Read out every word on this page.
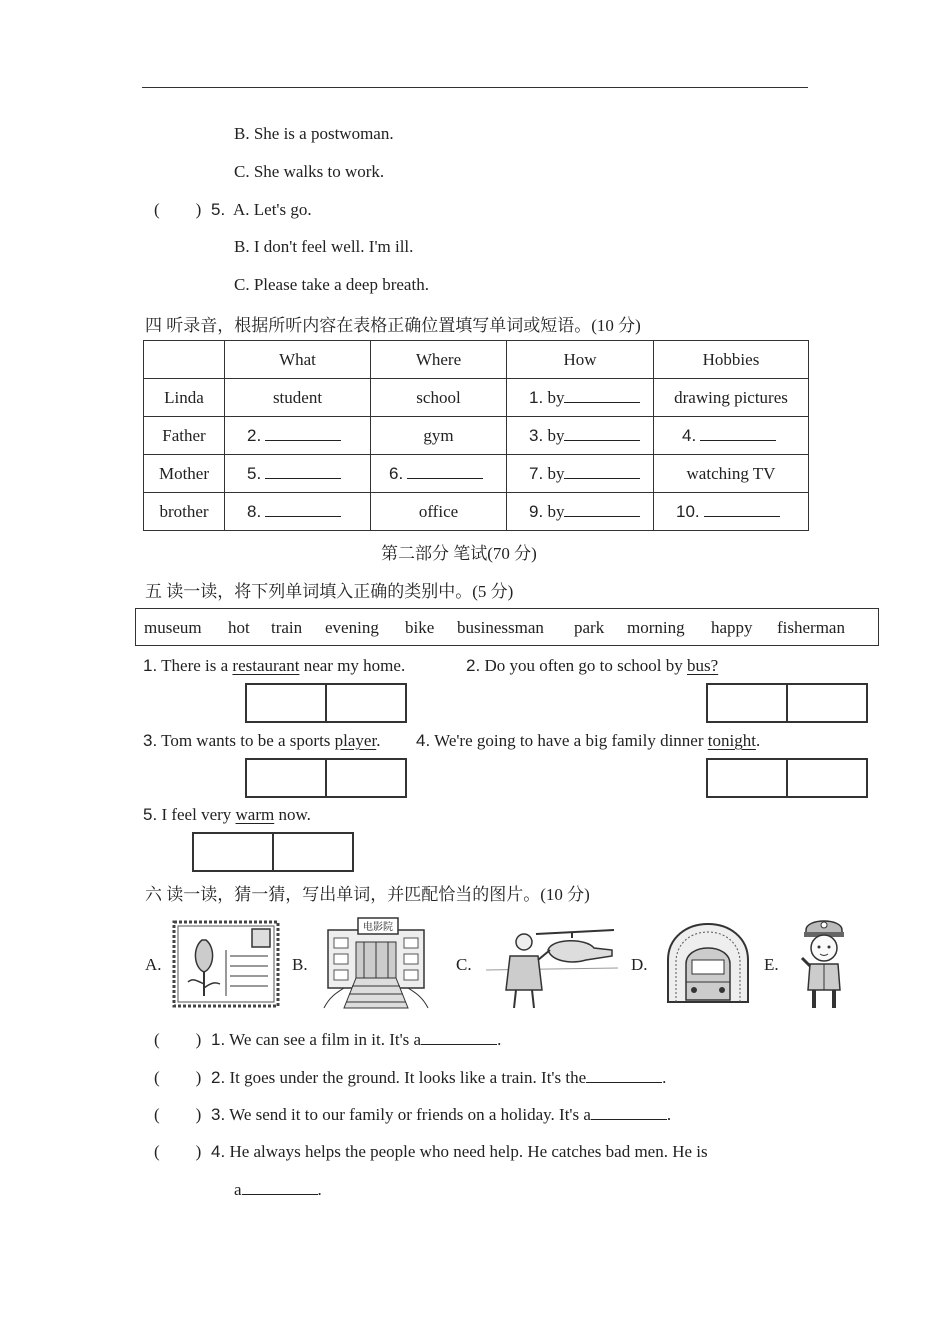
B. She is a postwoman.
C. She walks to work.
( ) 5. A. Let's go.
B. I don't feel well. I'm ill.
C. Please take a deep breath.
四 听录音，根据所听内容在表格正确位置填写单词或短语。(10 分)
	What	Where	How	Hobbies
Linda	student	school	1. by	drawing pictures
Father	2.	gym	3. by	4.
Mother	5.	6.	7. by	watching TV
brother	8.	office	9. by	10.
第二部分 笔试(70 分)
五 读一读，将下列单词填入正确的类别中。(5 分)
museum hot train evening bike businessman park morning happy fisherman
1. There is a restaurant near my home.	2. Do you often go to school by bus?
3. Tom wants to be a sports player. 4. We're going to have a big family dinner tonight.
5. I feel very warm now.
六 读一读，猜一猜，写出单词，并匹配恰当的图片。(10 分)
A.	B.	C.	D.	E.
电影院
( ) 1. We can see a film in it. It's a	.
( ) 2. It goes under the ground. It looks like a train. It's the	.
( ) 3. We send it to our family or friends on a holiday. It's a	.
( ) 4. He always helps the people who need help. He catches bad men. He is
a	.
